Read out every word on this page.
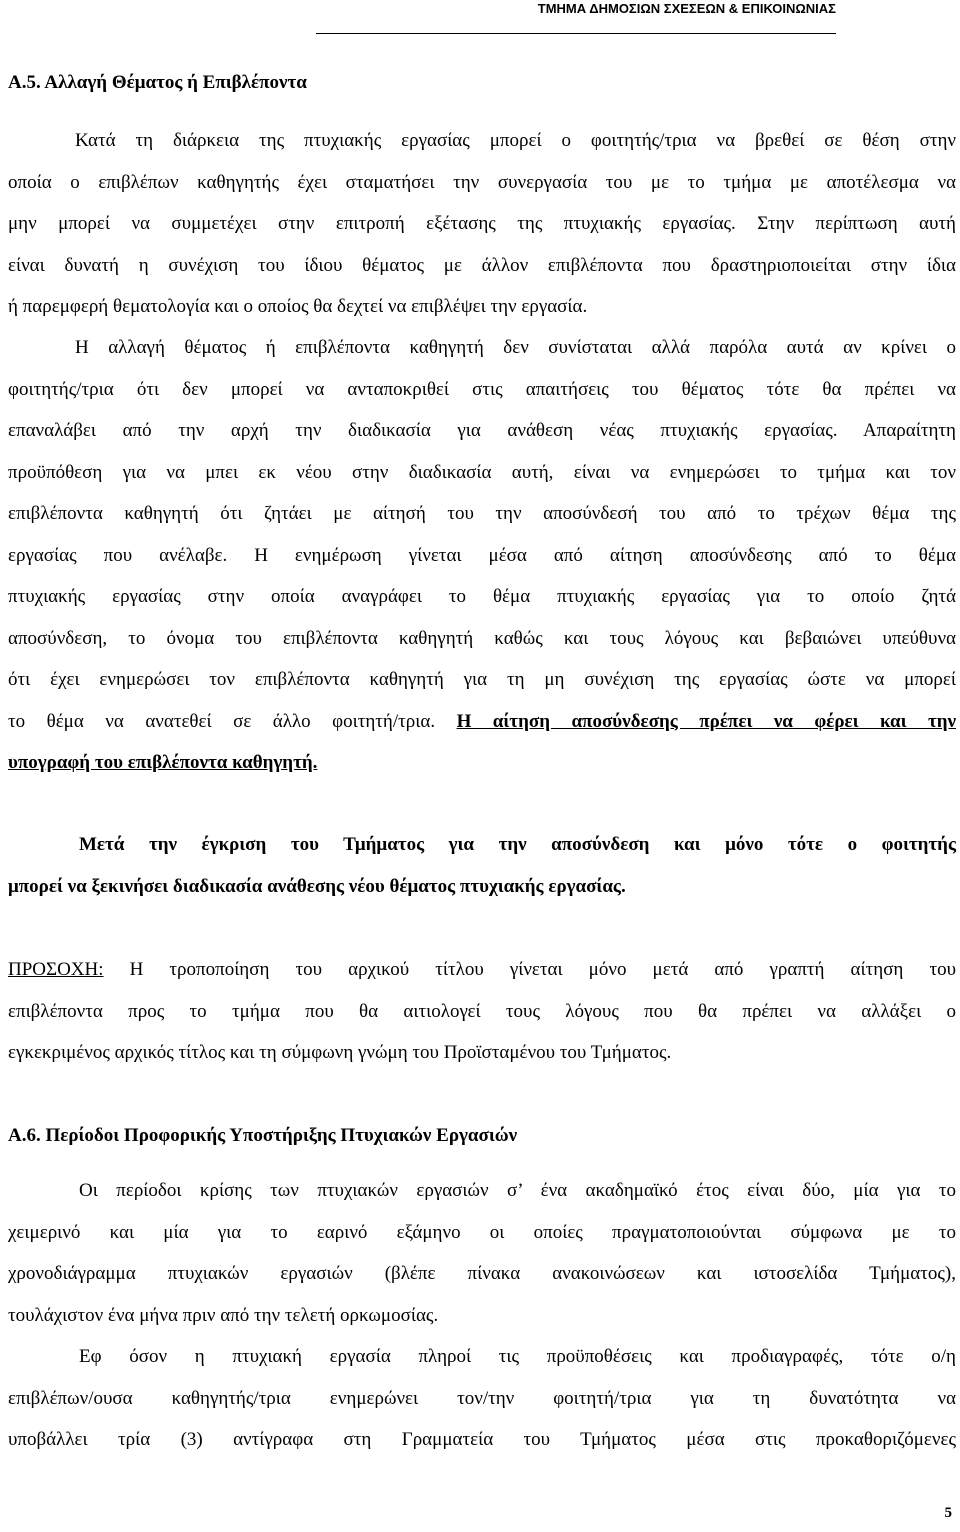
ΤΜΗΜΑ ΔΗΜΟΣΙΩΝ ΣΧΕΣΕΩΝ & ΕΠΙΚΟΙΝΩΝΙΑΣ
Α.5. Αλλαγή Θέματος ή Επιβλέποντα
Κατά τη διάρκεια της πτυχιακής εργασίας μπορεί ο φοιτητής/τρια να βρεθεί σε θέση στην
οποία ο επιβλέπων καθηγητής έχει σταματήσει την συνεργασία του με το τμήμα με αποτέλεσμα να
μην μπορεί να συμμετέχει στην επιτροπή εξέτασης της πτυχιακής εργασίας. Στην περίπτωση αυτή
είναι δυνατή η συνέχιση του ίδιου θέματος με άλλον επιβλέποντα που δραστηριοποιείται στην ίδια
ή παρεμφερή θεματολογία και ο οποίος θα δεχτεί να επιβλέψει την εργασία.
Η αλλαγή θέματος ή επιβλέποντα καθηγητή δεν συνίσταται αλλά παρόλα αυτά αν κρίνει ο
φοιτητής/τρια ότι δεν μπορεί να ανταποκριθεί στις απαιτήσεις του θέματος τότε θα πρέπει να
επαναλάβει από την αρχή την διαδικασία για ανάθεση νέας πτυχιακής εργασίας. Απαραίτητη
προϋπόθεση για να μπει εκ νέου στην διαδικασία αυτή, είναι να ενημερώσει το τμήμα και τον
επιβλέποντα καθηγητή ότι ζητάει με αίτησή του την αποσύνδεσή του από το τρέχων θέμα της
εργασίας που ανέλαβε. Η ενημέρωση γίνεται μέσα από αίτηση αποσύνδεσης από το θέμα
πτυχιακής εργασίας στην οποία αναγράφει το θέμα πτυχιακής εργασίας για το οποίο ζητά
αποσύνδεση, το όνομα του επιβλέποντα καθηγητή καθώς και τους λόγους και βεβαιώνει υπεύθυνα
ότι έχει ενημερώσει τον επιβλέποντα καθηγητή για τη μη συνέχιση της εργασίας ώστε να μπορεί
το θέμα να ανατεθεί σε άλλο φοιτητή/τρια. Η αίτηση αποσύνδεσης πρέπει να φέρει και την
υπογραφή του επιβλέποντα καθηγητή.
Μετά την έγκριση του Τμήματος για την αποσύνδεση και μόνο τότε ο φοιτητής
μπορεί να ξεκινήσει διαδικασία ανάθεσης νέου θέματος πτυχιακής εργασίας.
ΠΡΟΣΟΧΗ: Η τροποποίηση του αρχικού τίτλου γίνεται μόνο μετά από γραπτή αίτηση του
επιβλέποντα προς το τμήμα που θα αιτιολογεί τους λόγους που θα πρέπει να αλλάξει ο
εγκεκριμένος αρχικός τίτλος και τη σύμφωνη γνώμη του Προϊσταμένου του Τμήματος.
Α.6. Περίοδοι Προφορικής Υποστήριξης Πτυχιακών Εργασιών
Οι περίοδοι κρίσης των πτυχιακών εργασιών σ’ ένα ακαδημαϊκό έτος είναι δύο, μία για το
χειμερινό και μία για το εαρινό εξάμηνο οι οποίες πραγματοποιούνται σύμφωνα με το
χρονοδιάγραμμα πτυχιακών εργασιών (βλέπε πίνακα ανακοινώσεων και ιστοσελίδα Τμήματος),
τουλάχιστον ένα μήνα πριν από την τελετή ορκωμοσίας.
Εφ όσον η πτυχιακή εργασία πληροί τις προϋποθέσεις και προδιαγραφές, τότε ο/η
επιβλέπων/ουσα καθηγητής/τρια ενημερώνει τον/την φοιτητή/τρια για τη δυνατότητα να
υποβάλλει τρία (3) αντίγραφα στη Γραμματεία του Τμήματος μέσα στις προκαθοριζόμενες
5
